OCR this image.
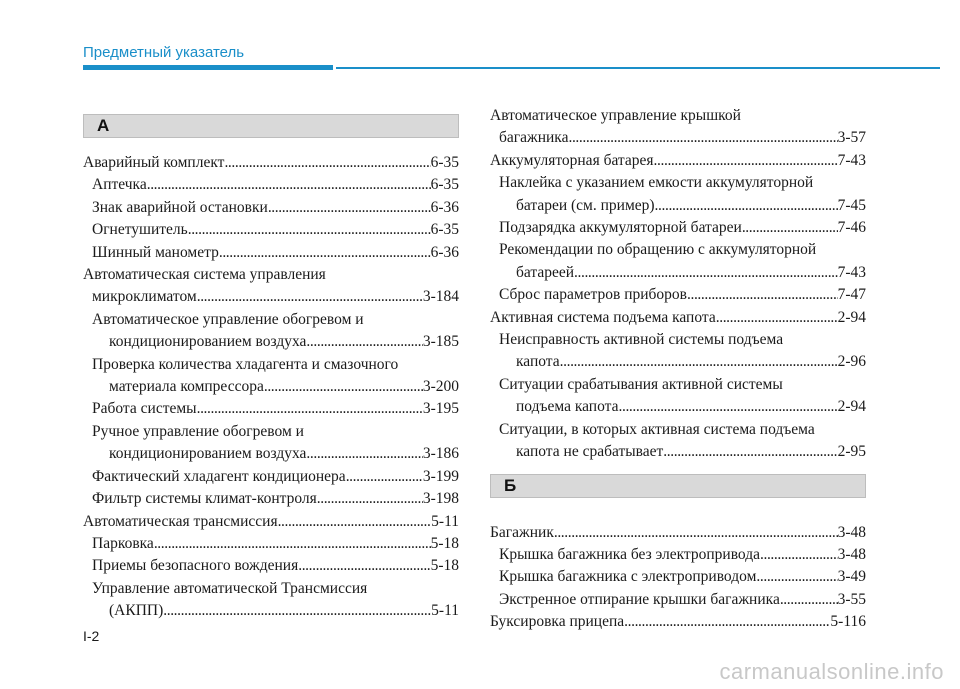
Предметный указатель
А
Аварийный комплект .....	6-35
Аптечка .....	6-35
Знак аварийной остановки .....	6-36
Огнетушитель .....	6-35
Шинный манометр .....	6-36
Автоматическая система управления
микроклиматом .....	3-184
Автоматическое управление обогревом и
кондиционированием воздуха .....	3-185
Проверка количества хладагента и смазочного
материала компрессора .....	3-200
Работа системы .....	3-195
Ручное управление обогревом и
кондиционированием воздуха .....	3-186
Фактический хладагент кондиционера .....	3-199
Фильтр системы климат-контроля .....	3-198
Автоматическая трансмиссия .....	5-11
Парковка .....	5-18
Приемы безопасного вождения .....	5-18
Управление автоматической Трансмиссия
(АКПП) .....	5-11
Автоматическое управление крышкой
багажника .....	3-57
Аккумуляторная батарея .....	7-43
Наклейка с указанием емкости аккумуляторной
батареи (см. пример) .....	7-45
Подзарядка аккумуляторной батареи .....	7-46
Рекомендации по обращению с аккумуляторной
батареей .....	7-43
Сброс параметров приборов .....	7-47
Активная система подъема капота .....	2-94
Неисправность активной системы подъема
капота .....	2-96
Ситуации срабатывания активной системы
подъема капота .....	2-94
Ситуации, в которых активная система подъема
капота не срабатывает .....	2-95
Б
Багажник .....	3-48
Крышка багажника без электропривода .....	3-48
Крышка багажника с электроприводом .....	3-49
Экстренное отпирание крышки багажника .....	3-55
Буксировка прицепа .....	5-116
I-2
carmanualsonline.info
